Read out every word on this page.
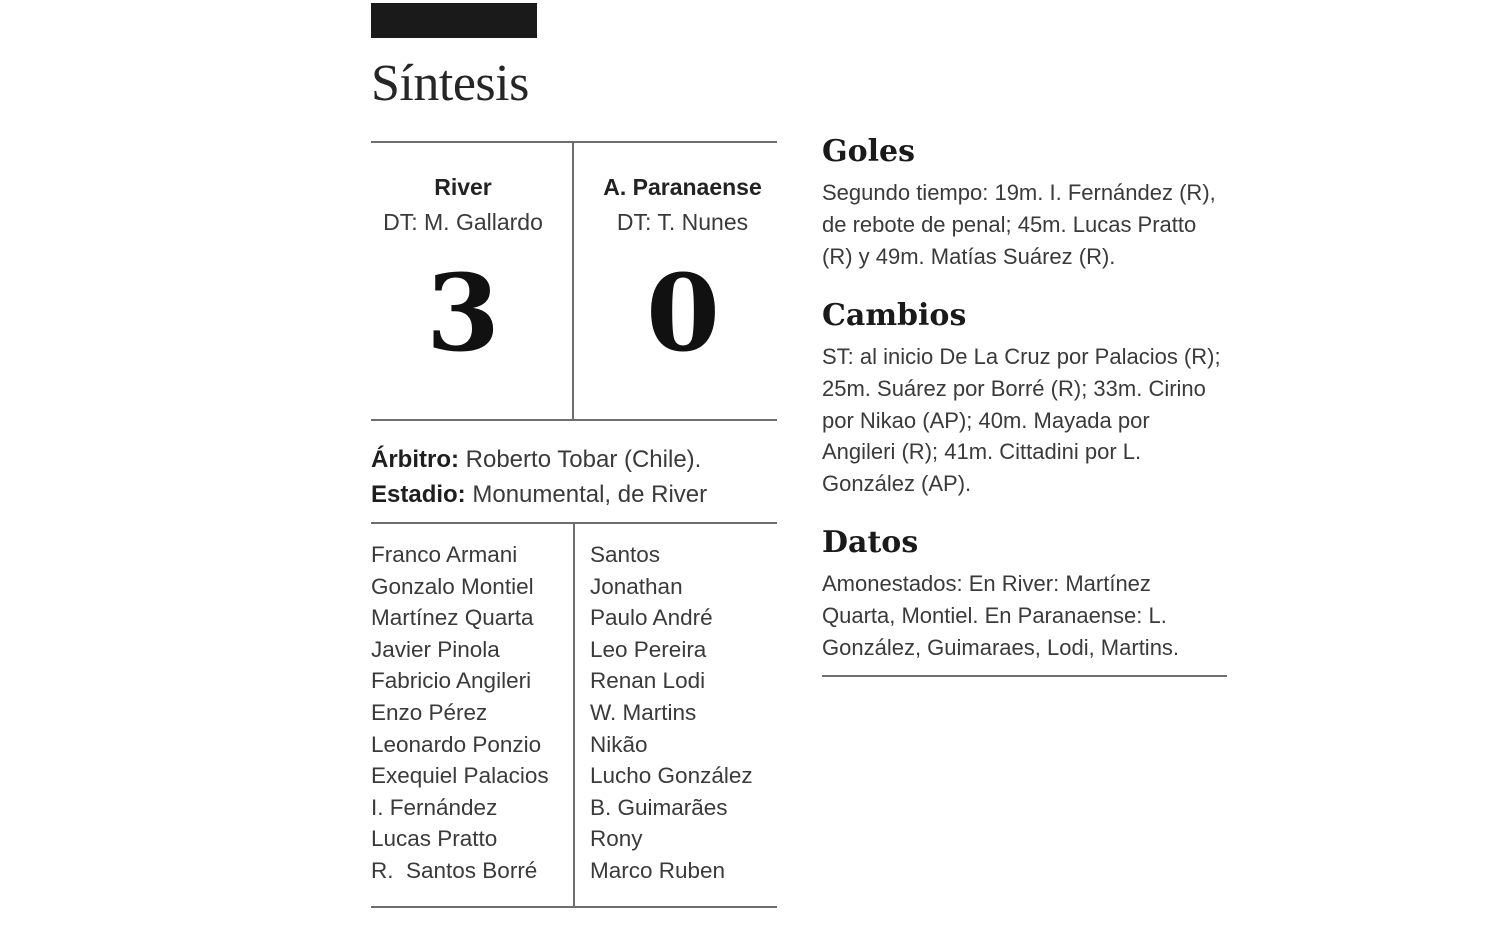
Síntesis
River
DT: M. Gallardo
A. Paranaense
DT: T. Nunes
3	0
Árbitro: Roberto Tobar (Chile).
Estadio: Monumental, de River
Franco Armani
Gonzalo Montiel
Martínez Quarta
Javier Pinola
Fabricio Angileri
Enzo Pérez
Leonardo Ponzio
Exequiel Palacios
I. Fernández
Lucas Pratto
R.  Santos Borré
Santos
Jonathan
Paulo André
Leo Pereira
Renan Lodi
W. Martins
Nikão
Lucho González
B. Guimarães
Rony
Marco Ruben
Goles
Segundo tiempo: 19m. I. Fernández (R), de rebote de penal; 45m. Lucas Pratto (R) y 49m. Matías Suárez (R).
Cambios
ST: al inicio De La Cruz por Palacios (R); 25m. Suárez por Borré (R); 33m. Cirino por Nikao (AP); 40m. Mayada por Angileri (R); 41m. Cittadini por L. González (AP).
Datos
Amonestados: En River: Martínez Quarta, Montiel. En Paranaense: L. González, Guimaraes, Lodi, Martins.
